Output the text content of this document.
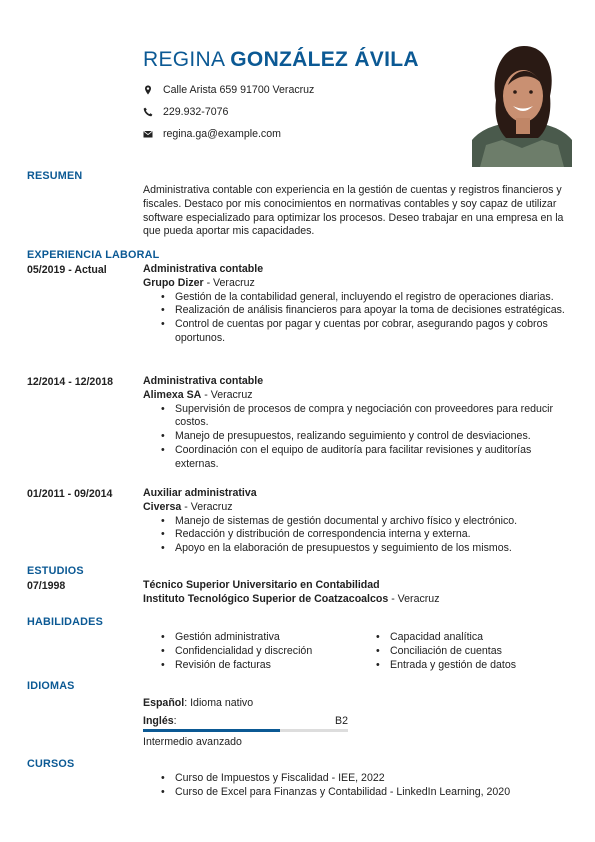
REGINA GONZÁLEZ ÁVILA
Calle Arista 659 91700 Veracruz
229.932-7076
regina.ga@example.com
RESUMEN
Administrativa contable con experiencia en la gestión de cuentas y registros financieros y fiscales. Destaco por mis conocimientos en normativas contables y soy capaz de utilizar software especializado para optimizar los procesos. Deseo trabajar en una empresa en la que pueda aportar mis capacidades.
EXPERIENCIA LABORAL
05/2019 - Actual	Administrativa contable
Grupo Dizer - Veracruz
• Gestión de la contabilidad general, incluyendo el registro de operaciones diarias.
• Realización de análisis financieros para apoyar la toma de decisiones estratégicas.
• Control de cuentas por pagar y cuentas por cobrar, asegurando pagos y cobros oportunos.
12/2014 - 12/2018	Administrativa contable
Alimexa SA - Veracruz
• Supervisión de procesos de compra y negociación con proveedores para reducir costos.
• Manejo de presupuestos, realizando seguimiento y control de desviaciones.
• Coordinación con el equipo de auditoría para facilitar revisiones y auditorías externas.
01/2011 - 09/2014	Auxiliar administrativa
Civersa - Veracruz
• Manejo de sistemas de gestión documental y archivo físico y electrónico.
• Redacción y distribución de correspondencia interna y externa.
• Apoyo en la elaboración de presupuestos y seguimiento de los mismos.
ESTUDIOS
07/1998	Técnico Superior Universitario en Contabilidad
Instituto Tecnológico Superior de Coatzacoalcos - Veracruz
HABILIDADES
• Gestión administrativa
• Confidencialidad y discreción
• Revisión de facturas
• Capacidad analítica
• Conciliación de cuentas
• Entrada y gestión de datos
IDIOMAS
Español: Idioma nativo
Inglés:	B2
Intermedio avanzado
CURSOS
• Curso de Impuestos y Fiscalidad - IEE, 2022
• Curso de Excel para Finanzas y Contabilidad - LinkedIn Learning, 2020
